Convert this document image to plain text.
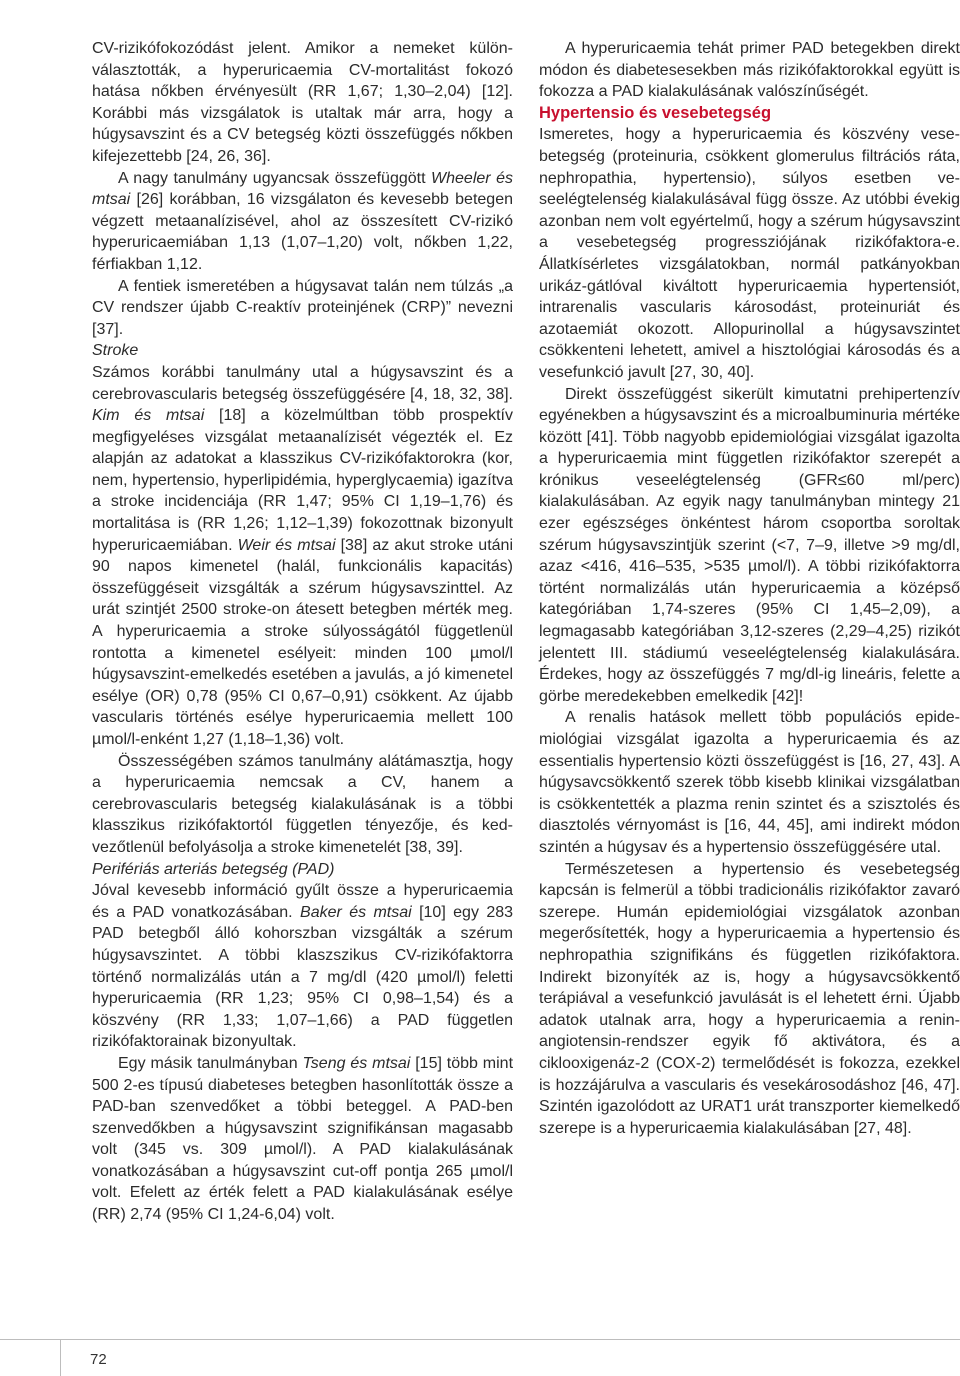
CV-rizikófokozódást jelent. Amikor a nemeket különválasztották, a hyperuricaemia CV-mortalitást fokozó hatása nőkben érvényesült (RR 1,67; 1,30–2,04) [12]. Korábbi más vizsgálatok is utaltak már arra, hogy a húgysavszint és a CV betegség közti összefüggés nőkben kifejezettebb [24, 26, 36].

A nagy tanulmány ugyancsak összefüggött Wheeler és mtsai [26] korábban, 16 vizsgálaton és kevesebb betegen végzett metaanalízisével, ahol az összesített CV-rizikó hyperuricaemiában 1,13 (1,07–1,20) volt, nőkben 1,22, férfiakban 1,12.

A fentiek ismeretében a húgysavat talán nem túlzás „a CV rendszer újabb C-reaktív proteinjének (CRP)” nevezni [37].

Stroke

Számos korábbi tanulmány utal a húgysavszint és a cerebrovascularis betegség összefüggésére [4, 18, 32, 38]. Kim és mtsai [18] a közelmúltban több prospektív megfigyeléses vizsgálat metaanalízisét végezték el. Ez alapján az adatokat a klasszikus CV-rizikófaktorokra (kor, nem, hypertensio, hyperlipidémia, hyperglycaemia) igazítva a stroke incidenciája (RR 1,47; 95% CI 1,19–1,76) és mortalitása is (RR 1,26; 1,12–1,39) fokozottnak bizonyult hyperuricaemiában. Weir és mtsai [38] az akut stroke utáni 90 napos kimenetel (halál, funkcionális kapacitás) összefüggéseit vizsgálták a szérum húgysavszinttel. Az urát szintjét 2500 stroke-on átesett betegben mérték meg. A hyperuricaemia a stroke súlyosságától függetlenül rontotta a kimenetel esélyeit: minden 100 µmol/l húgysavszint-emelkedés esetében a javulás, a jó kimenetel esélye (OR) 0,78 (95% CI 0,67–0,91) csökkent. Az újabb vascularis történés esélye hyperuricaemia mellett 100 µmol/l-enként 1,27 (1,18–1,36) volt.

Összességében számos tanulmány alátámasztja, hogy a hyperuricaemia nemcsak a CV, hanem a cerebrovascularis betegség kialakulásának is a többi klasszikus rizikófaktortól független tényezője, és kedvezőtlenül befolyásolja a stroke kimenetelét [38, 39].

Perifériás arteriás betegség (PAD)

Jóval kevesebb információ gyűlt össze a hyperuricaemia és a PAD vonatkozásában. Baker és mtsai [10] egy 283 PAD betegből álló kohorszban vizsgálták a szérum húgysavszintet. A többi klaszszikus CV-rizikófaktorra történő normalizálás után a 7 mg/dl (420 µmol/l) feletti hyperuricaemia (RR 1,23; 95% CI 0,98–1,54) és a köszvény (RR 1,33; 1,07–1,66) a PAD független rizikófaktorainak bizonyultak.

Egy másik tanulmányban Tseng és mtsai [15] több mint 500 2-es típusú diabeteses betegben hasonlították össze a PAD-ban szenvedőket a többi beteggel. A PAD-ben szenvedőkben a húgysavszint szignifikánsan magasabb volt (345 vs. 309 µmol/l). A PAD kialakulásának vonatkozásában a húgysavszint cut-off pontja 265 µmol/l volt. Efelett az érték felett a PAD kialakulásának esélye (RR) 2,74 (95% CI 1,24-6,04) volt.

A hyperuricaemia tehát primer PAD betegekben direkt módon és diabetesesekben más rizikófaktorokkal együtt is fokozza a PAD kialakulásának valószínűségét.

Hypertensio és vesebetegség

Ismeretes, hogy a hyperuricaemia és köszvény vesebetegség (proteinuria, csökkent glomerulus filtrációs ráta, nephropathia, hypertensio), súlyos esetben veseelégtelenség kialakulásával függ össze. Az utóbbi évekig azonban nem volt egyértelmű, hogy a szérum húgysavszint a vesebetegség progressziójának rizikófaktora-e. Állatkísérletes vizsgálatokban, normál patkányokban urikáz-gátlóval kiváltott hyperuricaemia hypertensiót, intrarenalis vascularis károsodást, proteinuriát és azotaemiát okozott. Allopurinollal a húgysavszintet csökkenteni lehetett, amivel a hisztológiai károsodás és a vesefunkció javult [27, 30, 40].

Direkt összefüggést sikerült kimutatni prehipertenzív egyénekben a húgysavszint és a microalbuminuria mértéke között [41]. Több nagyobb epidemiológiai vizsgálat igazolta a hyperuricaemia mint független rizikófaktor szerepét a krónikus veseelégtelenség (GFR≤60 ml/perc) kialakulásában. Az egyik nagy tanulmányban mintegy 21 ezer egészséges önkéntest három csoportba soroltak szérum húgysavszintjük szerint (<7, 7–9, illetve >9 mg/dl, azaz <416, 416–535, >535 µmol/l). A többi rizikófaktorra történt normalizálás után hyperuricaemia a középső kategóriában 1,74-szeres (95% CI 1,45–2,09), a legmagasabb kategóriában 3,12-szeres (2,29–4,25) rizikót jelentett III. stádiumú veseelégtelenség kialakulására. Érdekes, hogy az összefüggés 7 mg/dl-ig lineáris, felette a görbe meredekebben emelkedik [42]!

A renalis hatások mellett több populációs epidemiológiai vizsgálat igazolta a hyperuricaemia és az essentialis hypertensio közti összefüggést is [16, 27, 43]. A húgysavcsökkentő szerek több kisebb klinikai vizsgálatban is csökkentették a plazma renin szintet és a szisztolés és diasztolés vérnyomást is [16, 44, 45], ami indirekt módon szintén a húgysav és a hypertensio összefüggésére utal.

Természetesen a hypertensio és vesebetegség kapcsán is felmerül a többi tradicionális rizikófaktor zavaró szerepe. Humán epidemiológiai vizsgálatok azonban megerősítették, hogy a hyperuricaemia a hypertensio és nephropathia szignifikáns és független rizikófaktora. Indirekt bizonyíték az is, hogy a húgysavcsökkentő terápiával a vesefunkció javulását is el lehetett érni. Újabb adatok utalnak arra, hogy a hyperuricaemia a renin-angiotensin-rendszer egyik fő aktivátora, és a ciklooxigenáz-2 (COX-2) termelődését is fokozza, ezekkel is hozzájárulva a vascularis és vesekárosodáshoz [46, 47]. Szintén igazolódott az URAT1 urát transzporter kiemelkedő szerepe is a hyperuricaemia kialakulásában [27, 48].

72
